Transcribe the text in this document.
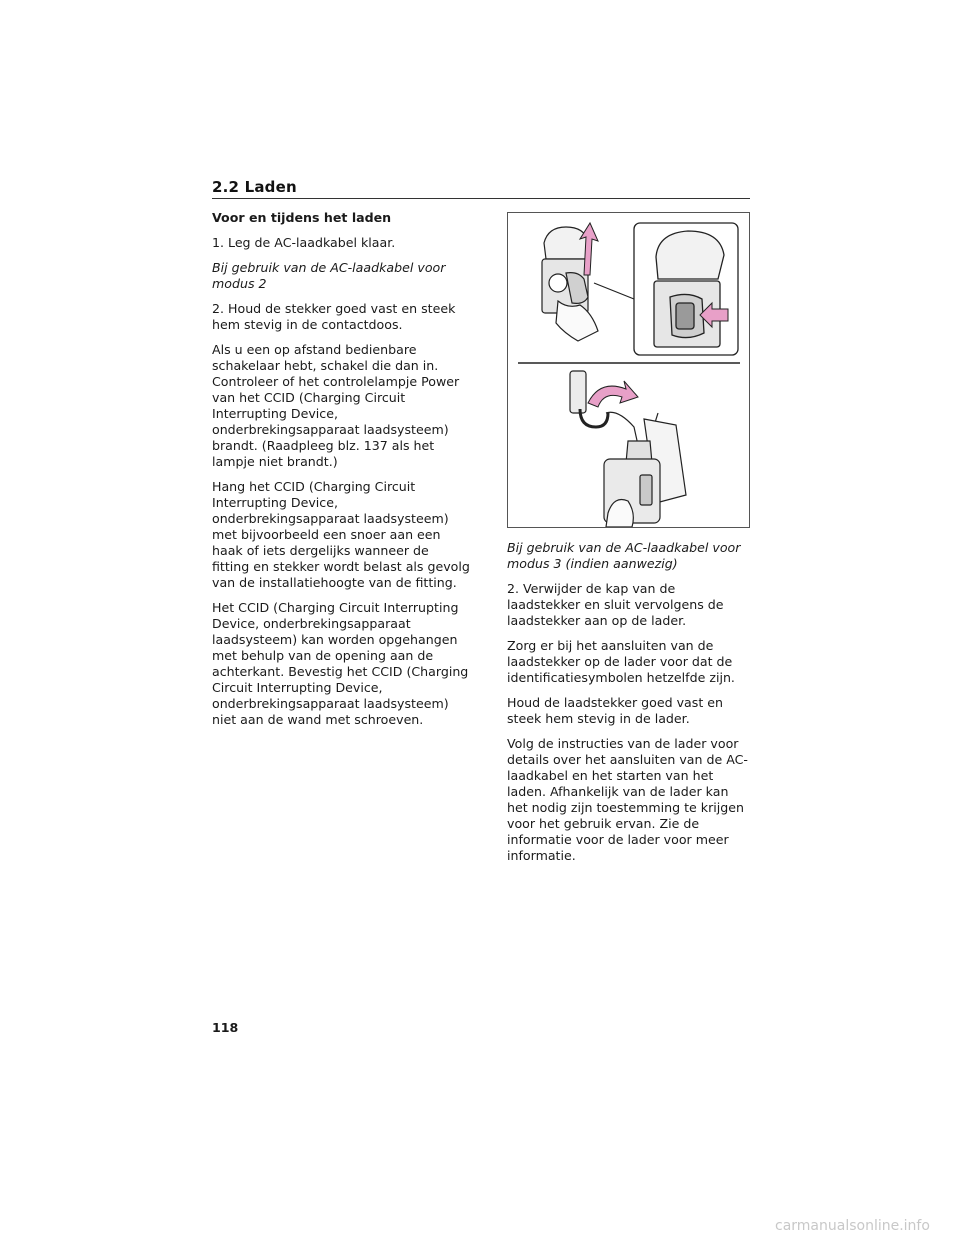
2.2 Laden

Voor en tijdens het laden

1. Leg de AC-laadkabel klaar.

Bij gebruik van de AC-laadkabel voor modus 2

2. Houd de stekker goed vast en steek hem stevig in de contactdoos.

Als u een op afstand bedienbare schakelaar hebt, schakel die dan in. Controleer of het controlelampje Power van het CCID (Charging Circuit Interrupting Device, onderbrekingsapparaat laadsysteem) brandt. (Raadpleeg blz. 137 als het lampje niet brandt.)

Hang het CCID (Charging Circuit Interrupting Device, onderbrekingsapparaat laadsysteem) met bijvoorbeeld een snoer aan een haak of iets dergelijks wanneer de fitting en stekker wordt belast als gevolg van de installatiehoogte van de fitting.

Het CCID (Charging Circuit Interrupting Device, onderbrekingsapparaat laadsysteem) kan worden opgehangen met behulp van de opening aan de achterkant. Bevestig het CCID (Charging Circuit Interrupting Device, onderbrekingsapparaat laadsysteem) niet aan de wand met schroeven.

Bij gebruik van de AC-laadkabel voor modus 3 (indien aanwezig)

2. Verwijder de kap van de laadstekker en sluit vervolgens de laadstekker aan op de lader.

Zorg er bij het aansluiten van de laadstekker op de lader voor dat de identificatiesymbolen hetzelfde zijn.

Houd de laadstekker goed vast en steek hem stevig in de lader.

Volg de instructies van de lader voor details over het aansluiten van de AC-laadkabel en het starten van het laden. Afhankelijk van de lader kan het nodig zijn toestemming te krijgen voor het gebruik ervan. Zie de informatie voor de lader voor meer informatie.

118
carmanualsonline.info
